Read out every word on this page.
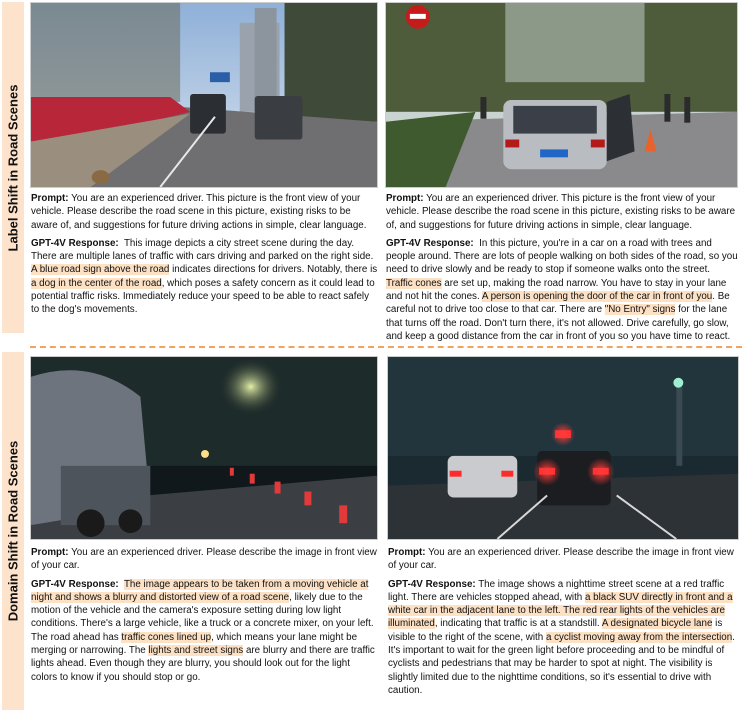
Label Shift in Road Scenes
Domain Shift in Road Scenes

Prompt: You are an experienced driver. This picture is the front view of your vehicle. Please describe the road scene in this picture, existing risks to be aware of, and suggestions for future driving actions in simple, clear language.

GPT-4V Response: This image depicts a city street scene during the day. There are multiple lanes of traffic with cars driving and parked on the right side. A blue road sign above the road indicates directions for drivers. Notably, there is a dog in the center of the road, which poses a safety concern as it could lead to potential traffic risks. Immediately reduce your speed to be able to react safely to the dog's movements.

Prompt: You are an experienced driver. This picture is the front view of your vehicle. Please describe the road scene in this picture, existing risks to be aware of, and suggestions for future driving actions in simple, clear language.

GPT-4V Response: In this picture, you're in a car on a road with trees and people around. There are lots of people walking on both sides of the road, so you need to drive slowly and be ready to stop if someone walks onto the street. Traffic cones are set up, making the road narrow. You have to stay in your lane and not hit the cones. A person is opening the door of the car in front of you. Be careful not to drive too close to that car. There are "No Entry" signs for the lane that turns off the road. Don't turn there, it's not allowed. Drive carefully, go slow, and keep a good distance from the car in front of you so you have time to react.

Prompt: You are an experienced driver. Please describe the image in front view of your car.

GPT-4V Response: The image appears to be taken from a moving vehicle at night and shows a blurry and distorted view of a road scene, likely due to the motion of the vehicle and the camera's exposure setting during low light conditions. There's a large vehicle, like a truck or a concrete mixer, on your left. The road ahead has traffic cones lined up, which means your lane might be merging or narrowing. The lights and street signs are blurry and there are traffic lights ahead. Even though they are blurry, you should look out for the light colors to know if you should stop or go.

Prompt: You are an experienced driver. Please describe the image in front view of your car.

GPT-4V Response: The image shows a nighttime street scene at a red traffic light. There are vehicles stopped ahead, with a black SUV directly in front and a white car in the adjacent lane to the left. The red rear lights of the vehicles are illuminated, indicating that traffic is at a standstill. A designated bicycle lane is visible to the right of the scene, with a cyclist moving away from the intersection. It's important to wait for the green light before proceeding and to be mindful of cyclists and pedestrians that may be harder to spot at night. The visibility is slightly limited due to the nighttime conditions, so it's essential to drive with caution.
